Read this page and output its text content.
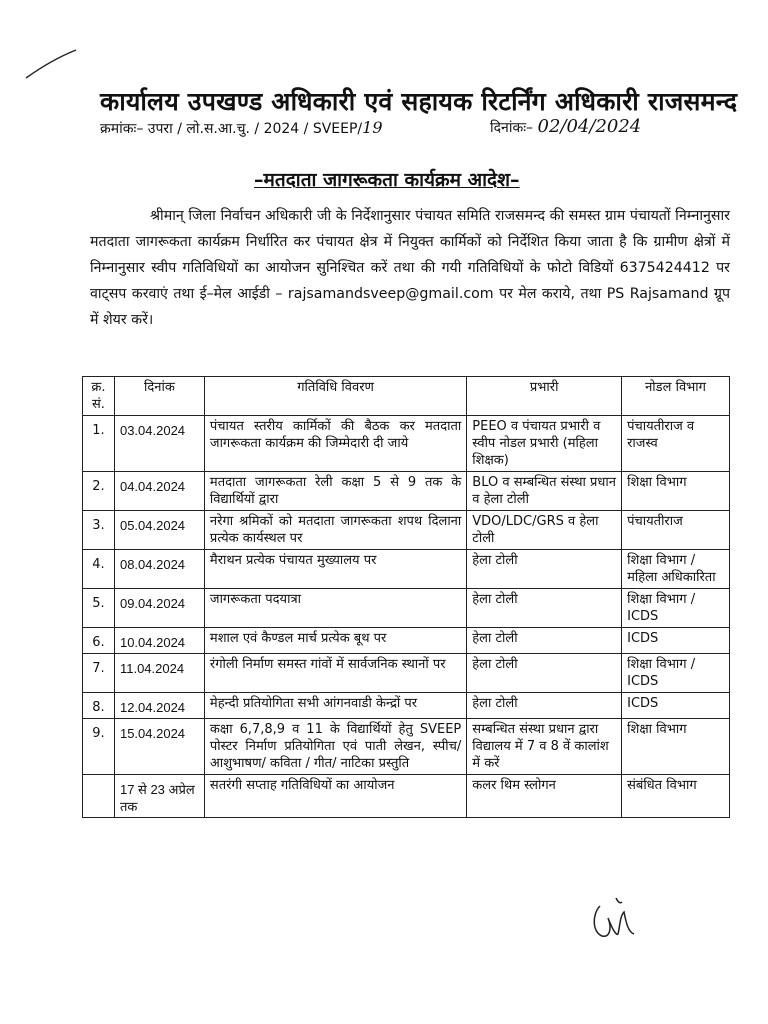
कार्यालय उपखण्ड अधिकारी एवं सहायक रिटर्निंग अधिकारी राजसमन्द
क्रमांकः– उपरा / लो.स.आ.चु. / 2024 / SVEEP/19	दिनांकः– 02/04/2024
–मतदाता जागरूकता कार्यक्रम आदेश–
श्रीमान् जिला निर्वाचन अधिकारी जी के निर्देशानुसार पंचायत समिति राजसमन्द की समस्त ग्राम पंचायतों निम्नानुसार मतदाता जागरूकता कार्यक्रम निर्धारित कर पंचायत क्षेत्र में नियुक्त कार्मिकों को निर्देशित किया जाता है कि ग्रामीण क्षेत्रों में निम्नानुसार स्वीप गतिविधियों का आयोजन सुनिश्चित करें तथा की गयी गतिविधियों के फोटो विडियों 6375424412 पर वाट्सप करवाएं तथा ई–मेल आईडी – rajsamandsveep@gmail.com पर मेल कराये, तथा PS Rajsamand ग्रूप में शेयर करें।
क्र. सं.	दिनांक	गतिविधि विवरण	प्रभारी	नोडल विभाग
1.	03.04.2024	पंचायत स्तरीय कार्मिकों की बैठक कर मतदाता जागरूकता कार्यक्रम की जिम्मेदारी दी जाये	PEEO व पंचायत प्रभारी व स्वीप नोडल प्रभारी (महिला शिक्षक)	पंचायतीराज व राजस्व
2.	04.04.2024	मतदाता जागरूकता रेली कक्षा 5 से 9 तक के विद्यार्थियों द्वारा	BLO व सम्बन्धित संस्था प्रधान व हेला टोली	शिक्षा विभाग
3.	05.04.2024	नरेगा श्रमिकों को मतदाता जागरूकता शपथ दिलाना प्रत्येक कार्यस्थल पर	VDO/LDC/GRS व हेला टोली	पंचायतीराज
4.	08.04.2024	मैराथन प्रत्येक पंचायत मुख्यालय पर	हेला टोली	शिक्षा विभाग / महिला अधिकारिता
5.	09.04.2024	जागरूकता पदयात्रा	हेला टोली	शिक्षा विभाग / ICDS
6.	10.04.2024	मशाल एवं कैण्डल मार्च प्रत्येक बूथ पर	हेला टोली	ICDS
7.	11.04.2024	रंगोली निर्माण समस्त गांवों में सार्वजनिक स्थानों पर	हेला टोली	शिक्षा विभाग / ICDS
8.	12.04.2024	मेहन्दी प्रतियोगिता सभी आंगनवाडी केन्द्रों पर	हेला टोली	ICDS
9.	15.04.2024	कक्षा 6,7,8,9 व 11 के विद्यार्थियों हेतु SVEEP पोस्टर निर्माण प्रतियोगिता एवं पाती लेखन, स्पीच/ आशुभाषण/ कविता / गीत/ नाटिका प्रस्तुति	सम्बन्धित संस्था प्रधान द्वारा विद्यालय में 7 व 8 वें कालांश में करें	शिक्षा विभाग
	17 से 23 अप्रेल तक	सतरंगी सप्ताह गतिविधियों का आयोजन	कलर थिम स्लोगन	संबंधित विभाग
